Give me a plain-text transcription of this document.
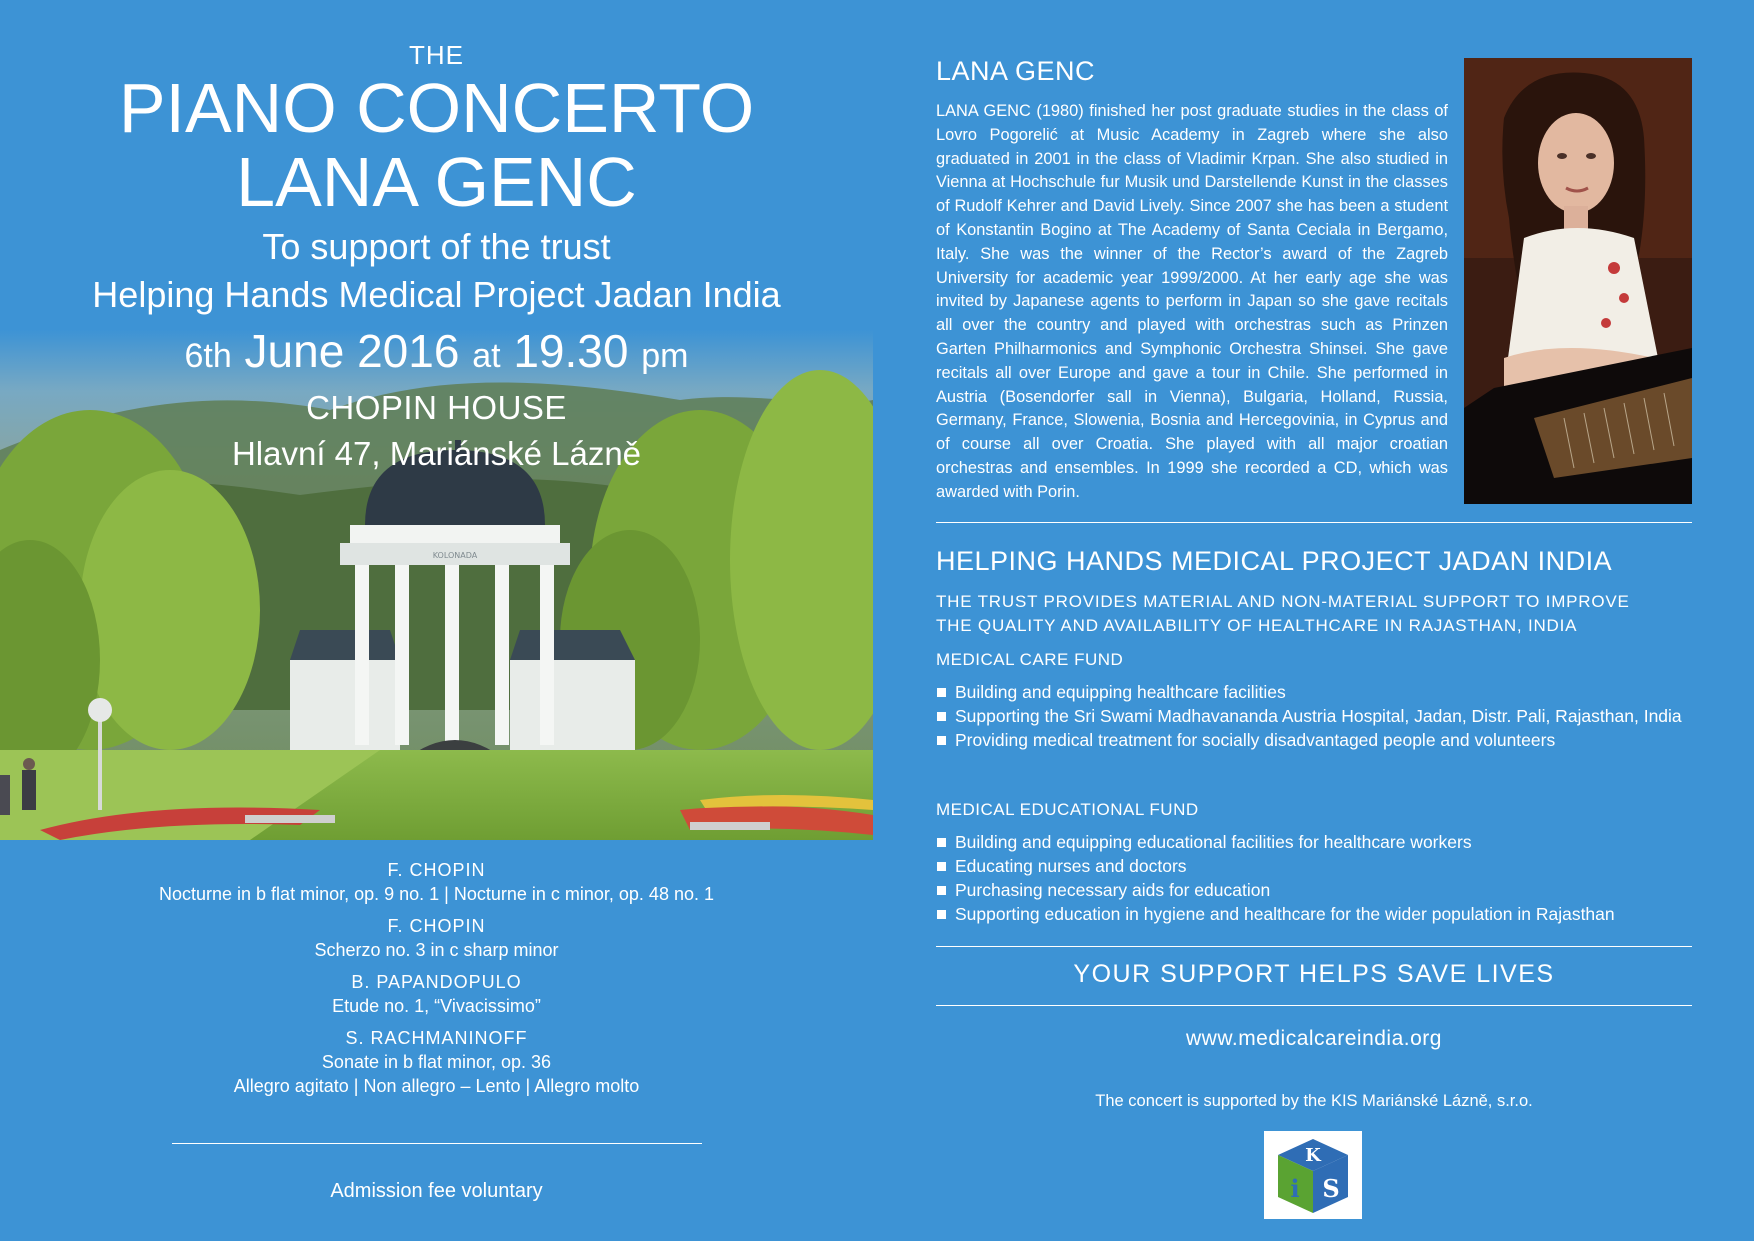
KOLONADA
THE
PIANO CONCERTO
LANA GENC
To support of the trust
Helping Hands Medical Project Jadan India
6th June 2016 at 19.30 pm
CHOPIN HOUSE
Hlavní 47, Mariánské Lázně
F. CHOPIN
Nocturne in b flat minor, op. 9 no. 1 | Nocturne in c minor, op. 48 no. 1
F. CHOPIN
Scherzo no. 3 in c sharp minor
B. PAPANDOPULO
Etude no. 1, “Vivacissimo”
S. RACHMANINOFF
Sonate in b flat minor, op. 36
Allegro agitato | Non allegro – Lento | Allegro molto
Admission fee voluntary
LANA GENC
LANA GENC (1980) finished her post graduate studies in the class of Lovro Pogorelić at Music Academy in Zagreb where she also graduated in 2001 in the class of Vladimir Krpan. She also studied in Vienna at Hochschule fur Musik und Darstellende Kunst in the classes of Rudolf Kehrer and David Lively. Since 2007 she has been a student of Konstantin Bogino at The Academy of Santa Ceciala in Bergamo, Italy. She was the winner of the Rector’s award of the Zagreb University for academic year 1999/2000. At her early age she was invited by Japanese agents to perform in Japan so she gave recitals all over the country and played with orchestras such as Prinzen Garten Philharmonics and Symphonic Orchestra Shinsei. She gave recitals all over Europe and gave a tour in Chile. She performed in Austria (Bosendorfer sall in Vienna), Bulgaria, Holland, Russia, Germany, France, Slowenia, Bosnia and Hercegovinia, in Cyprus and of course all over Croatia. She played with all major croatian orchestras and ensembles. In 1999 she recorded a CD, which was awarded with Porin.
HELPING HANDS MEDICAL PROJECT JADAN INDIA
THE TRUST PROVIDES MATERIAL AND NON-MATERIAL SUPPORT TO IMPROVE
THE QUALITY AND AVAILABILITY OF HEALTHCARE IN RAJASTHAN, INDIA
MEDICAL CARE FUND
Building and equipping healthcare facilities
Supporting the Sri Swami Madhavananda Austria Hospital, Jadan, Distr. Pali, Rajasthan, India
Providing medical treatment for socially disadvantaged people and volunteers
MEDICAL EDUCATIONAL FUND
Building and equipping educational facilities for healthcare workers
Educating nurses and doctors
Purchasing necessary aids for education
Supporting education in hygiene and healthcare for the wider population in Rajasthan
YOUR SUPPORT HELPS SAVE LIVES
www.medicalcareindia.org
The concert is supported by the KIS Mariánské Lázně, s.r.o.
K
i S
